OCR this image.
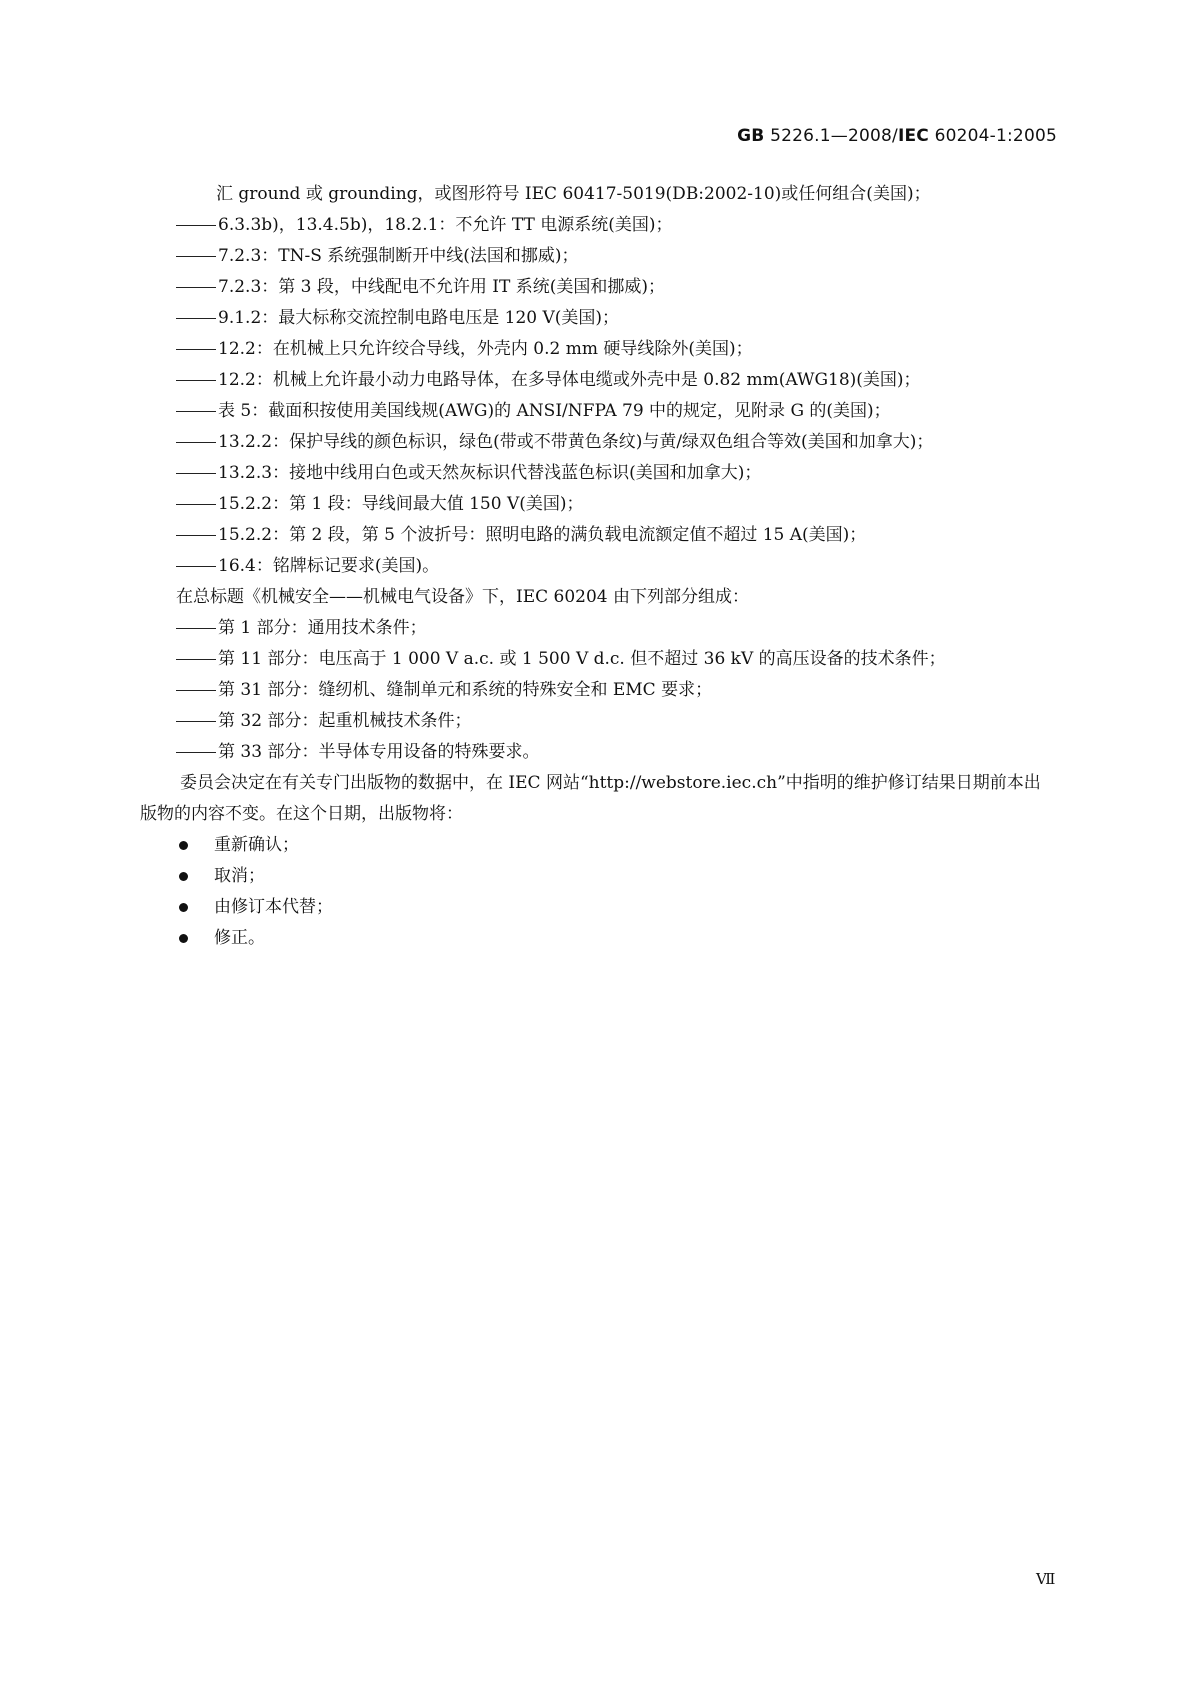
GB 5226.1—2008/IEC 60204-1:2005
汇 ground 或 grounding，或图形符号 IEC 60417-5019(DB:2002-10)或任何组合(美国)；
6.3.3b)，13.4.5b)，18.2.1：不允许 TT 电源系统(美国)；
7.2.3：TN-S 系统强制断开中线(法国和挪威)；
7.2.3：第 3 段，中线配电不允许用 IT 系统(美国和挪威)；
9.1.2：最大标称交流控制电路电压是 120 V(美国)；
12.2：在机械上只允许绞合导线，外壳内 0.2 mm 硬导线除外(美国)；
12.2：机械上允许最小动力电路导体，在多导体电缆或外壳中是 0.82 mm(AWG18)(美国)；
表 5：截面积按使用美国线规(AWG)的 ANSI/NFPA 79 中的规定，见附录 G 的(美国)；
13.2.2：保护导线的颜色标识，绿色(带或不带黄色条纹)与黄/绿双色组合等效(美国和加拿大)；
13.2.3：接地中线用白色或天然灰标识代替浅蓝色标识(美国和加拿大)；
15.2.2：第 1 段：导线间最大值 150 V(美国)；
15.2.2：第 2 段，第 5 个波折号：照明电路的满负载电流额定值不超过 15 A(美国)；
16.4：铭牌标记要求(美国)。
在总标题《机械安全——机械电气设备》下，IEC 60204 由下列部分组成：
第 1 部分：通用技术条件；
第 11 部分：电压高于 1 000 V a.c. 或 1 500 V d.c. 但不超过 36 kV 的高压设备的技术条件；
第 31 部分：缝纫机、缝制单元和系统的特殊安全和 EMC 要求；
第 32 部分：起重机械技术条件；
第 33 部分：半导体专用设备的特殊要求。
委员会决定在有关专门出版物的数据中，在 IEC 网站“http://webstore.iec.ch”中指明的维护修订结果日期前本出版物的内容不变。在这个日期，出版物将：
重新确认；
取消；
由修订本代替；
修正。
Ⅶ
